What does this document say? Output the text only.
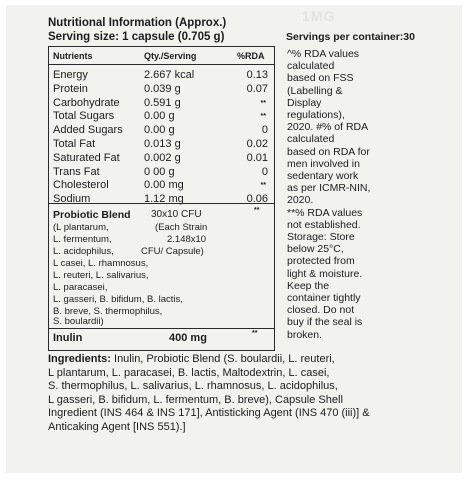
1MG
Nutritional Information (Approx.)
Serving size: 1 capsule (0.705 g)	Servings per container:30
Nutrients	Qty./Serving	%RDA
Energy	2.667 kcal	0.13
Protein	0.039 g	0.07
Carbohydrate 0.591 g	**
Total Sugars	0.00 g	**
Added Sugars 0.00 g	0
Total Fat	0.013 g	0.02
Saturated Fat 0.002 g	0.01
Trans Fat	0 00 g	0
Cholesterol	0.00 mg	**
Sodium	1.12 mg	0.06
Probiotic Blend 30x10 CFU	**
(L plantarum,
L. fermentum,
L. acidophilus,
L casei, L. rhamnosus,
L. reuteri, L. salivarius,
L. paracasei,
L. gasseri, B. bifidum, B. lactis,
B. breve, S. thermophilus,
S. boulardii)
(Each Strain
2.148x10
CFU/ Capsule)
Inulin	400 mg	**
^% RDA values
calculated
based on FSS
(Labelling &
Display
regulations),
2020. #% of RDA
calculated
based on RDA for
men involved in
sedentary work
as per ICMR-NIN,
2020.
**% RDA values
not established.
Storage: Store
below 25°C,
protected from
light & moisture.
Keep the
container tightly
closed. Do not
buy if the seal is
broken.
Ingredients: Inulin, Probiotic Blend (S. boulardii, L. reuteri,
L plantarum, L. paracasei, B. lactis, Maltodextrin, L. casei,
S. thermophilus, L. salivarius, L. rhamnosus, L. acidophilus,
L gasseri, B. bifidum, L. fermentum, B. breve), Capsule Shell
Ingredient (INS 464 & INS 171], Antisticking Agent (INS 470 (iii)] &
Anticaking Agent [INS 551).]
